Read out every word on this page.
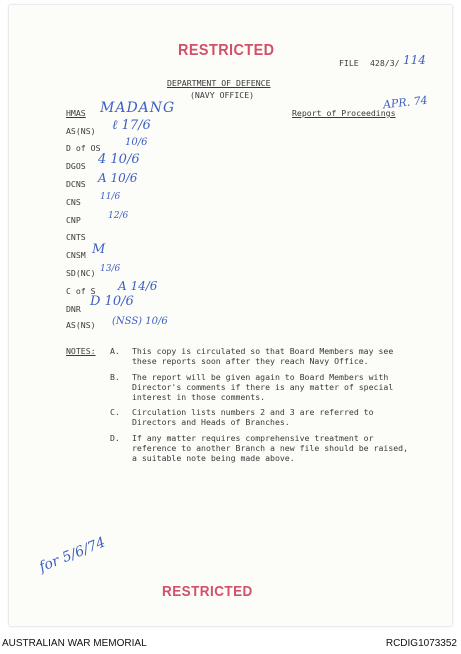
RESTRICTED
FILE 428/3/ 114
DEPARTMENT OF DEFENCE
(NAVY OFFICE)
HMAS MADANG	Report of Proceedings
APR. 74
AS(NS) ℓ 17/6
D of OS 10/6
DGOS 4 10/6
DCNS A 10/6
CNS 11/6
CNP	12/6
CNTS
CNSM M
SD(NC) 13/6
C of S A 14/6
DNR D 10/6
AS(NS) (NSS) 10/6
NOTES: A. This copy is circulated so that Board Members may see these reports soon after they reach Navy Office.
B. The report will be given again to Board Members with Director's comments if there is any matter of special interest in those comments.
C. Circulation lists numbers 2 and 3 are referred to Directors and Heads of Branches.
D. If any matter requires comprehensive treatment or reference to another Branch a new file should be raised, a suitable note being made above.
for 5/6/74
RESTRICTED
AUSTRALIAN WAR MEMORIAL	RCDIG1073352
